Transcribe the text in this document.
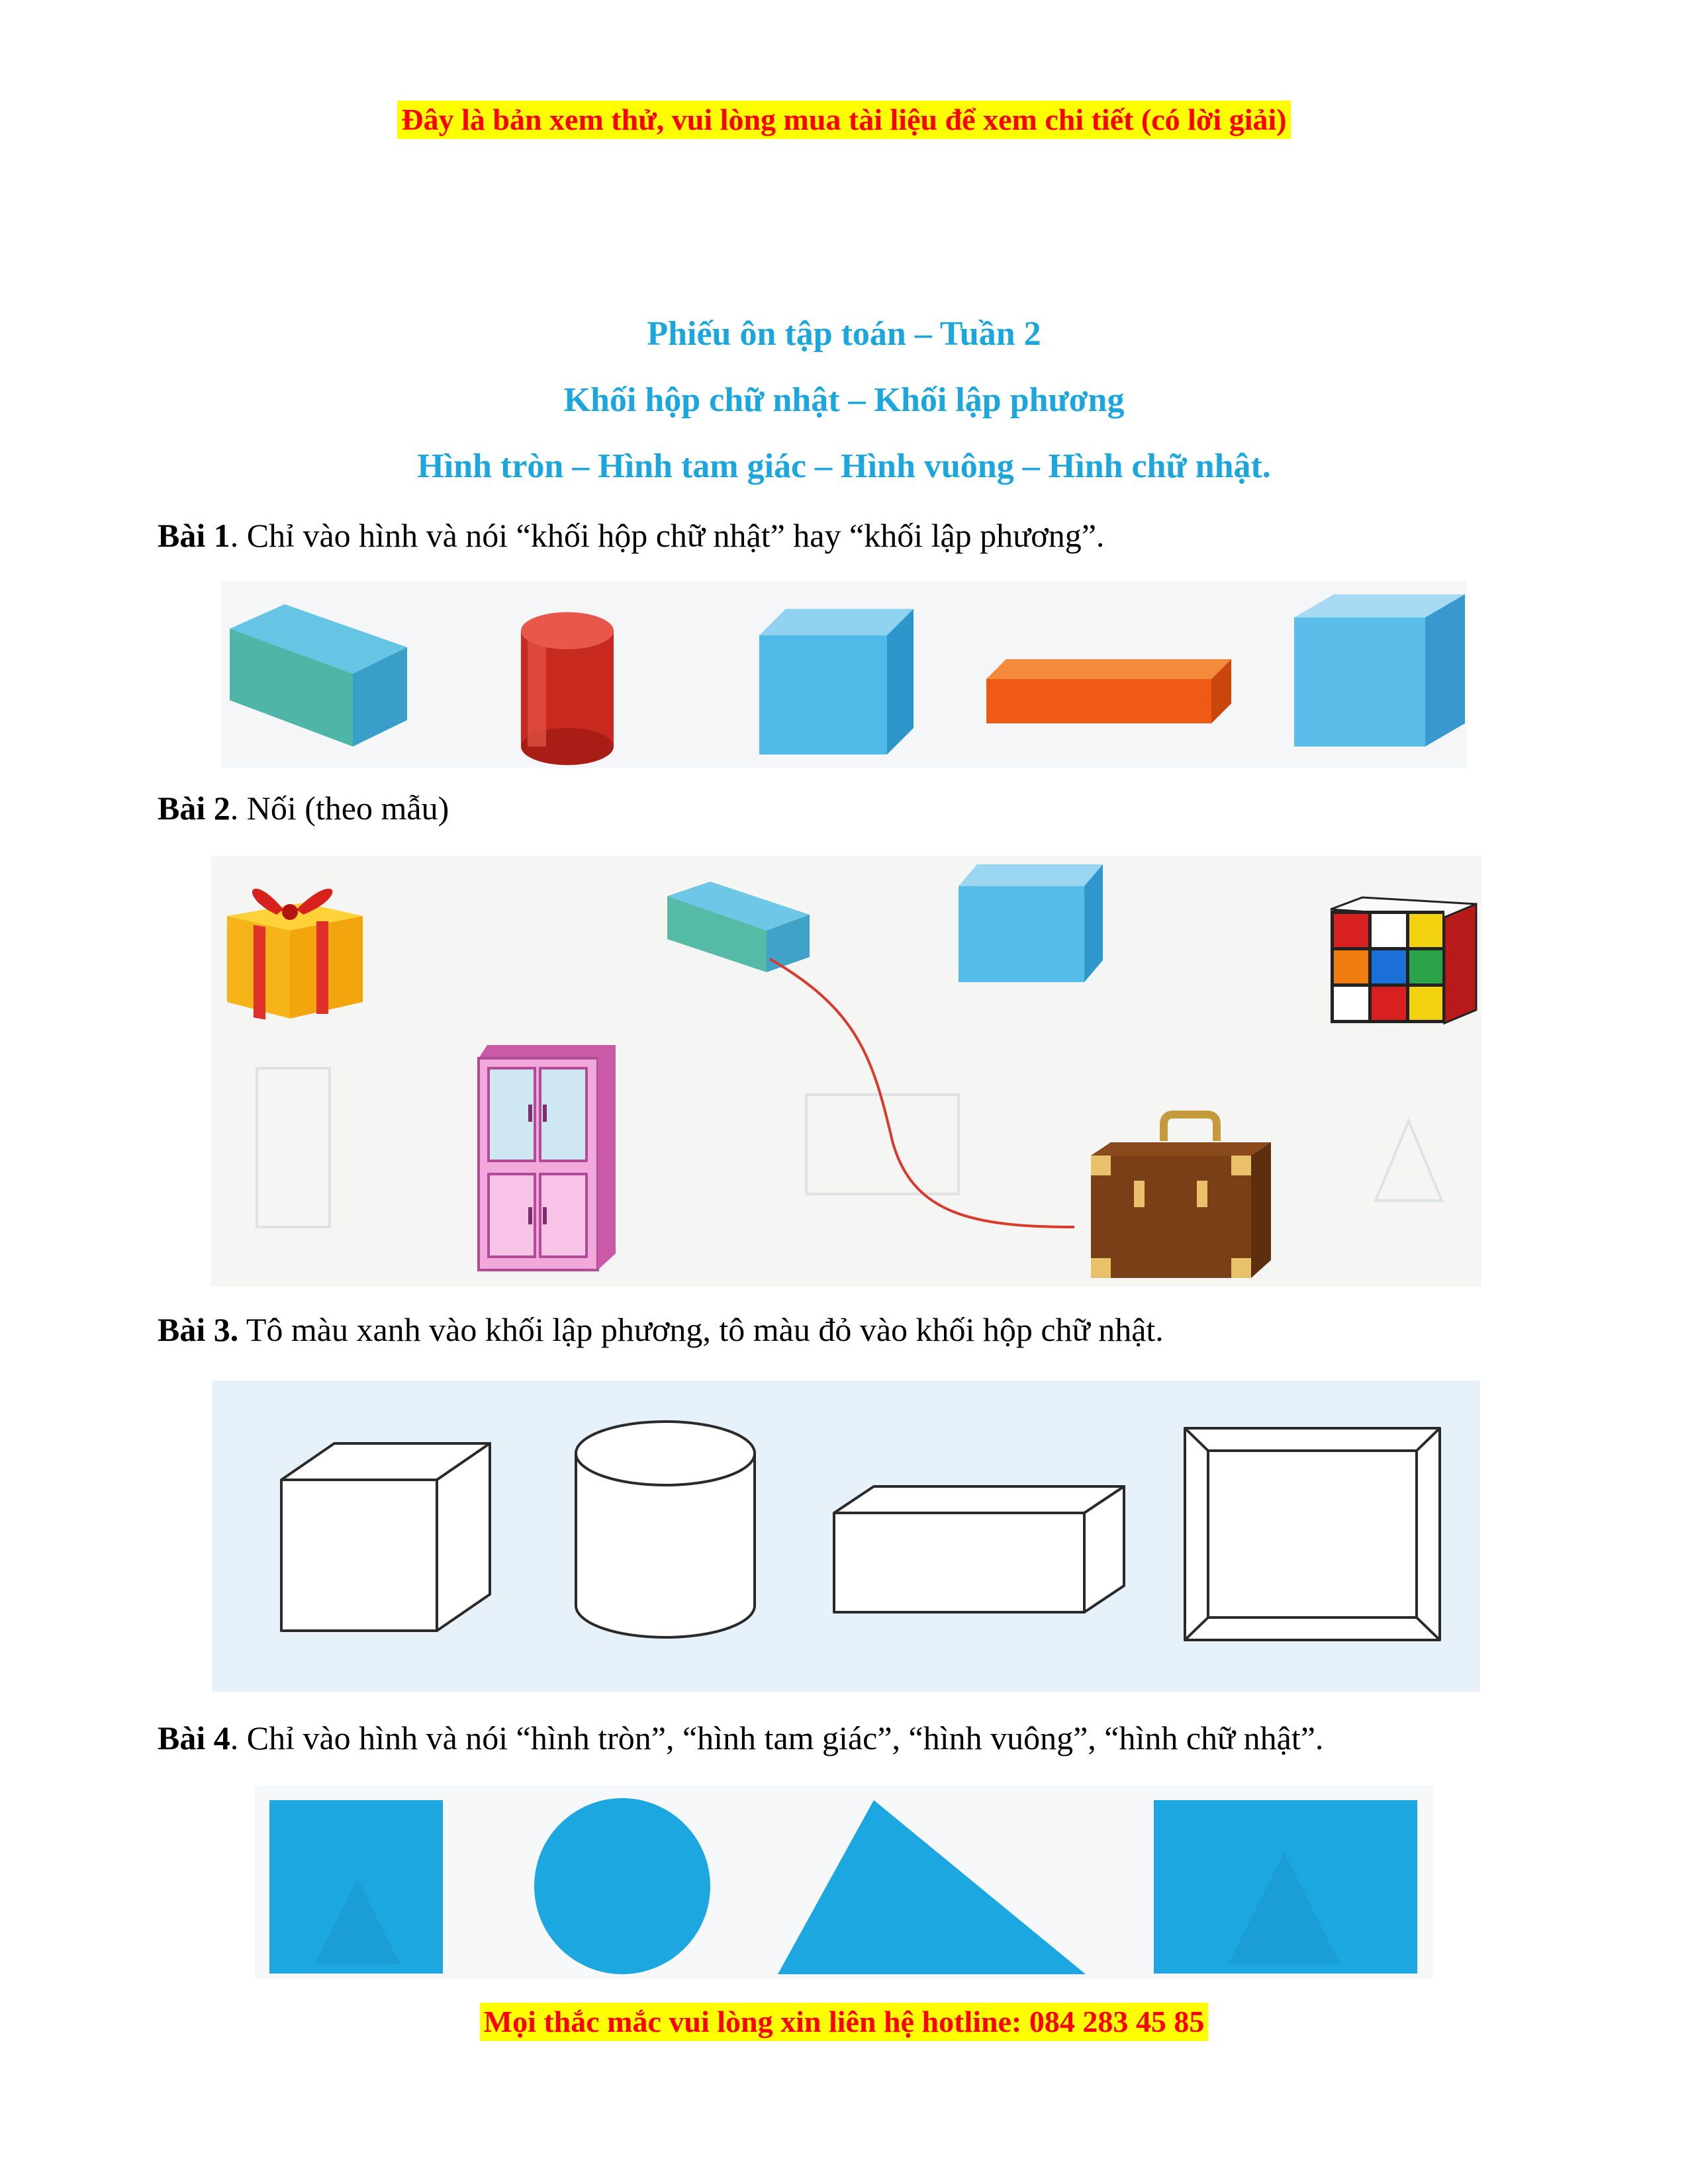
Đây là bản xem thử, vui lòng mua tài liệu để xem chi tiết (có lời giải)
Phiếu ôn tập toán – Tuần 2
Khối hộp chữ nhật – Khối lập phương
Hình tròn – Hình tam giác – Hình vuông – Hình chữ nhật.
Bài 1. Chỉ vào hình và nói “khối hộp chữ nhật” hay “khối lập phương”.
Bài 2. Nối (theo mẫu)
Bài 3. Tô màu xanh vào khối lập phương, tô màu đỏ vào khối hộp chữ nhật.
Bài 4. Chỉ vào hình và nói “hình tròn”, “hình tam giác”, “hình vuông”, “hình chữ nhật”.
Mọi thắc mắc vui lòng xin liên hệ hotline: 084 283 45 85
